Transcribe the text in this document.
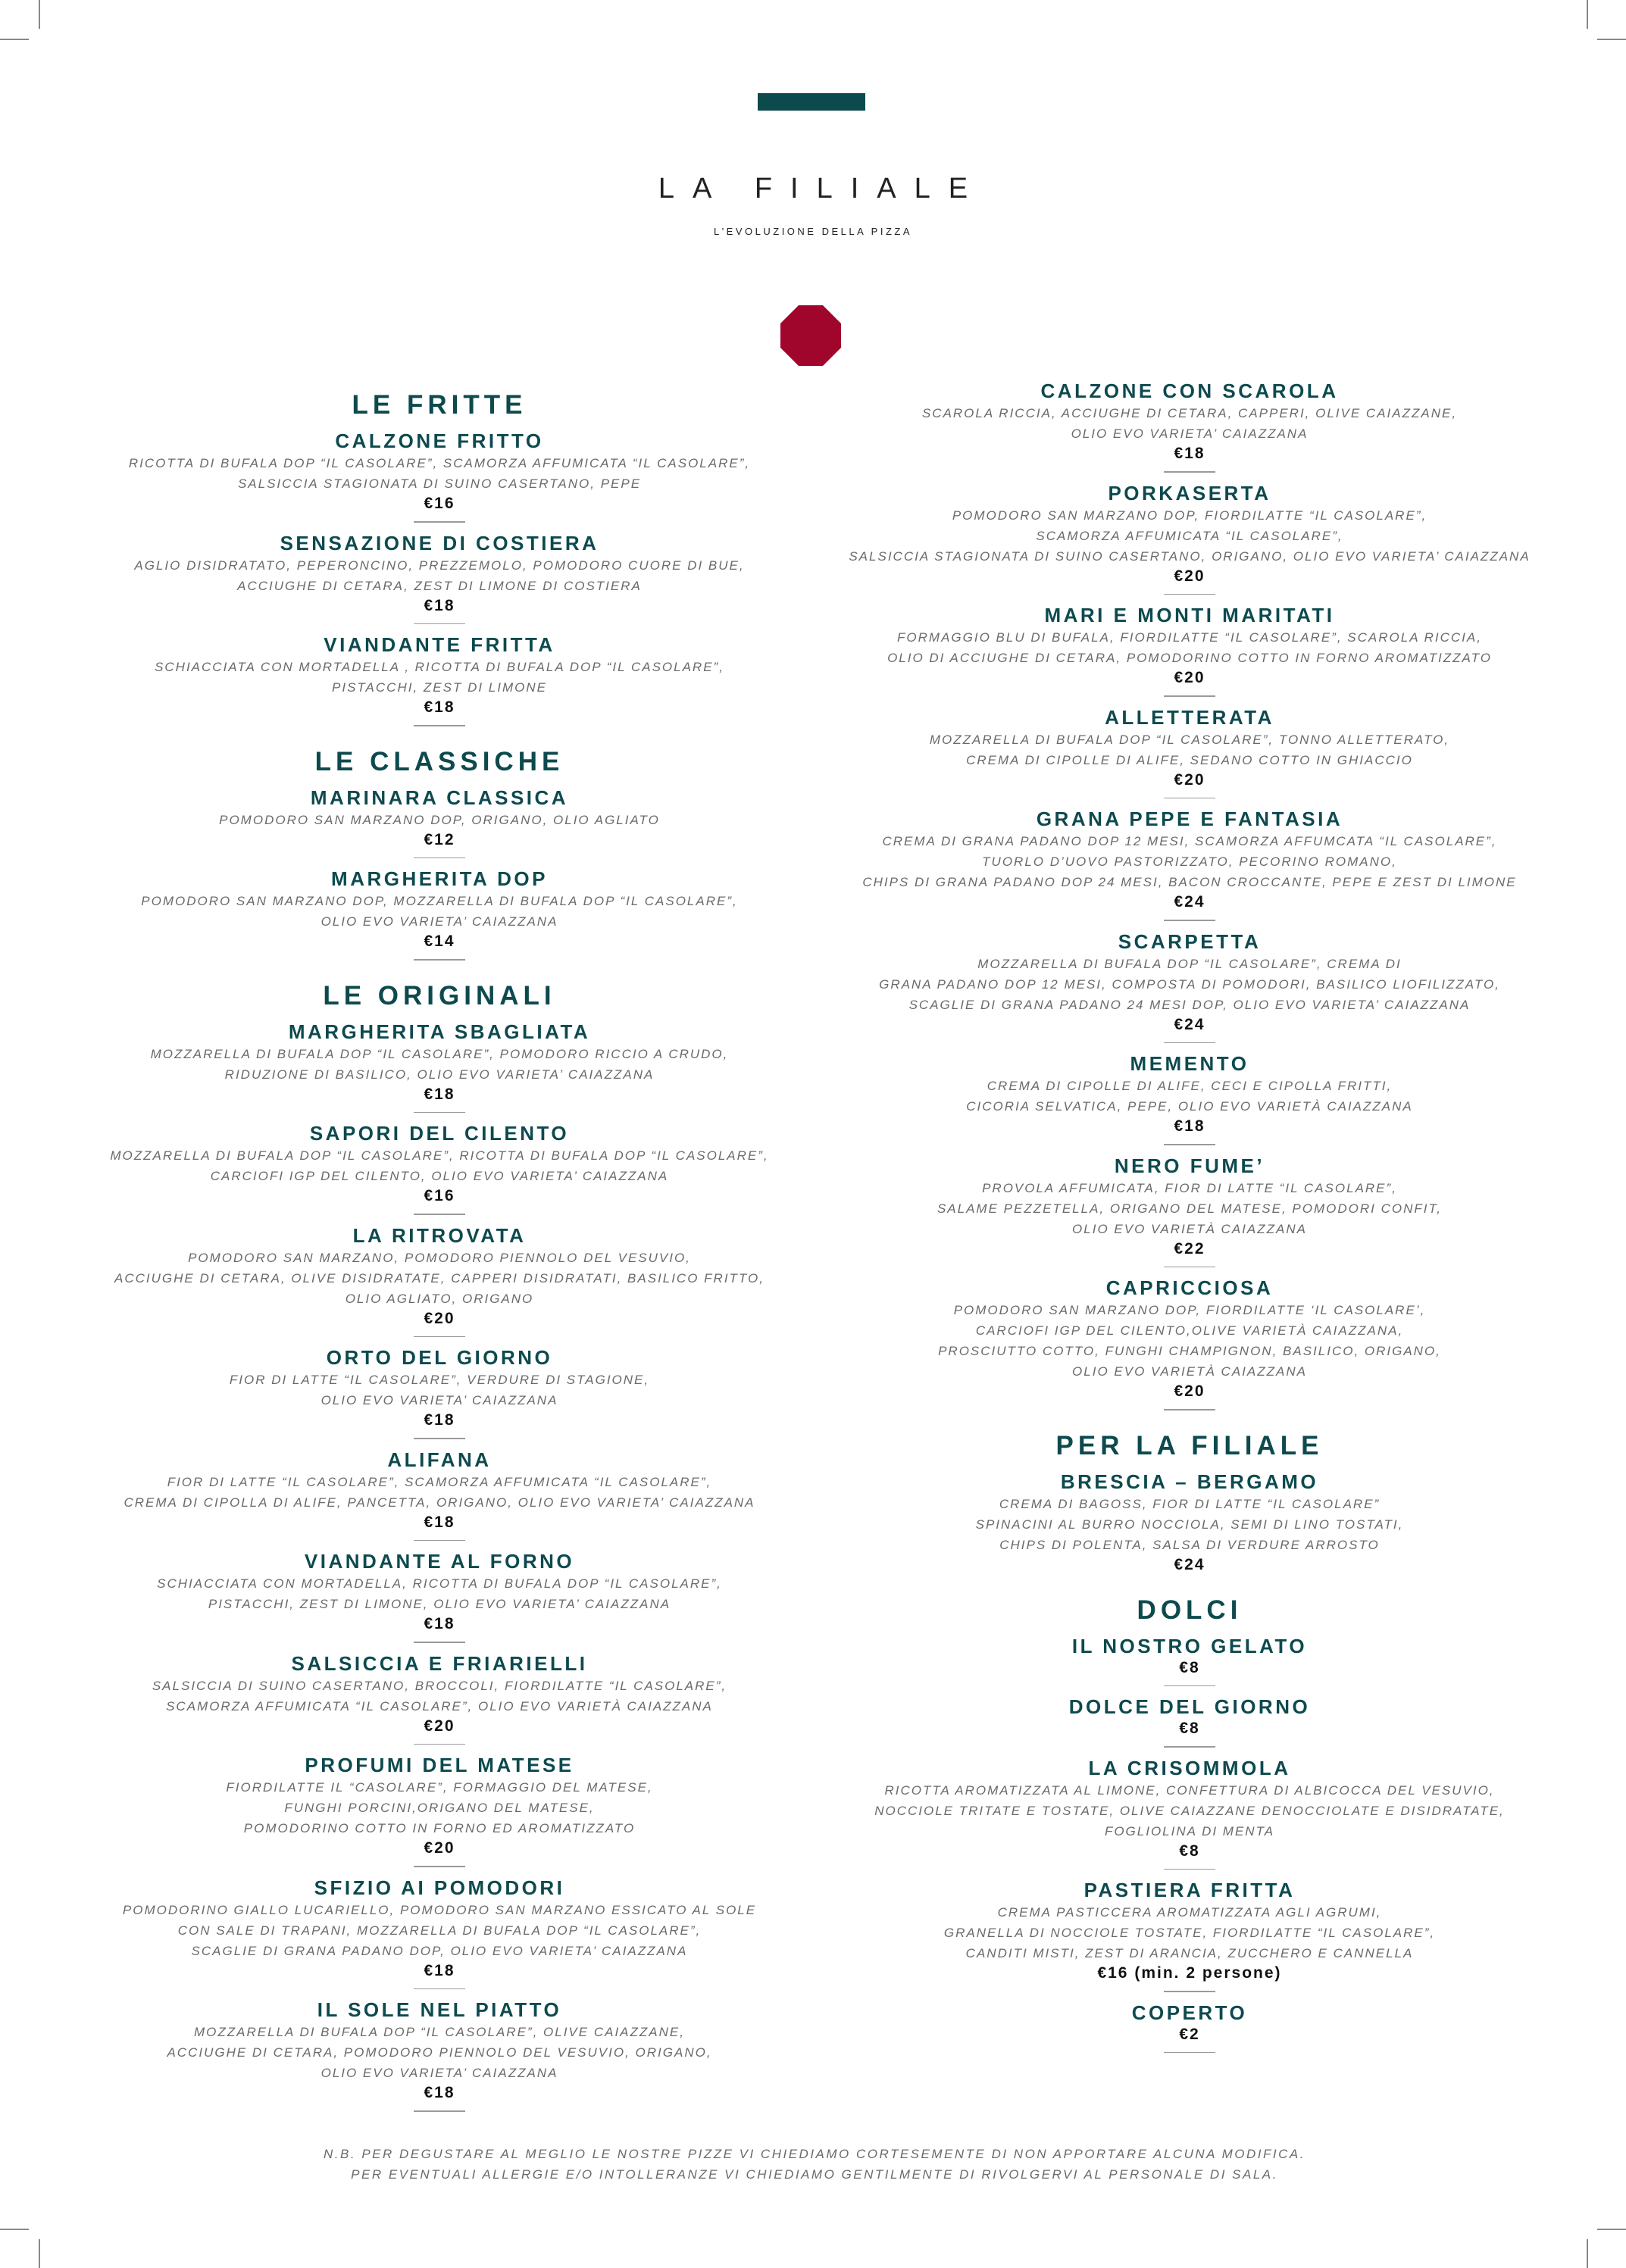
LA FILIALE
L'EVOLUZIONE DELLA PIZZA
LE FRITTE
CALZONE FRITTO
RICOTTA DI BUFALA DOP “IL CASOLARE”, SCAMORZA AFFUMICATA “IL CASOLARE”,
SALSICCIA STAGIONATA DI SUINO CASERTANO, PEPE
€16
SENSAZIONE DI COSTIERA
AGLIO DISIDRATATO, PEPERONCINO, PREZZEMOLO, POMODORO CUORE DI BUE,
ACCIUGHE DI CETARA, ZEST DI LIMONE DI COSTIERA
€18
VIANDANTE FRITTA
SCHIACCIATA CON MORTADELLA , RICOTTA DI BUFALA DOP “IL CASOLARE”,
PISTACCHI, ZEST DI LIMONE
€18
LE CLASSICHE
MARINARA CLASSICA
POMODORO SAN MARZANO DOP, ORIGANO, OLIO AGLIATO
€12
MARGHERITA DOP
POMODORO SAN MARZANO DOP, MOZZARELLA DI BUFALA DOP “IL CASOLARE”,
OLIO EVO VARIETA’ CAIAZZANA
€14
LE ORIGINALI
MARGHERITA SBAGLIATA
MOZZARELLA DI BUFALA DOP “IL CASOLARE”, POMODORO RICCIO A CRUDO,
RIDUZIONE DI BASILICO, OLIO EVO VARIETA’ CAIAZZANA
€18
SAPORI DEL CILENTO
MOZZARELLA DI BUFALA DOP “IL CASOLARE”, RICOTTA DI BUFALA DOP “IL CASOLARE”,
CARCIOFI IGP DEL CILENTO, OLIO EVO VARIETA’ CAIAZZANA
€16
LA RITROVATA
POMODORO SAN MARZANO, POMODORO PIENNOLO DEL VESUVIO,
ACCIUGHE DI CETARA, OLIVE DISIDRATATE, CAPPERI DISIDRATATI, BASILICO FRITTO,
OLIO AGLIATO, ORIGANO
€20
ORTO DEL GIORNO
FIOR DI LATTE “IL CASOLARE”, VERDURE DI STAGIONE,
OLIO EVO VARIETA’ CAIAZZANA
€18
ALIFANA
FIOR DI LATTE “IL CASOLARE”, SCAMORZA AFFUMICATA “IL CASOLARE”,
CREMA DI CIPOLLA DI ALIFE, PANCETTA, ORIGANO, OLIO EVO VARIETA’ CAIAZZANA
€18
VIANDANTE AL FORNO
SCHIACCIATA CON MORTADELLA, RICOTTA DI BUFALA DOP “IL CASOLARE”,
PISTACCHI, ZEST DI LIMONE, OLIO EVO VARIETA’ CAIAZZANA
€18
SALSICCIA E FRIARIELLI
SALSICCIA DI SUINO CASERTANO, BROCCOLI, FIORDILATTE “IL CASOLARE”,
SCAMORZA AFFUMICATA “IL CASOLARE”, OLIO EVO VARIETÀ CAIAZZANA
€20
PROFUMI DEL MATESE
FIORDILATTE IL “CASOLARE”, FORMAGGIO DEL MATESE,
FUNGHI PORCINI,ORIGANO DEL MATESE,
POMODORINO COTTO IN FORNO ED AROMATIZZATO
€20
SFIZIO AI POMODORI
POMODORINO GIALLO LUCARIELLO, POMODORO SAN MARZANO ESSICATO AL SOLE
CON SALE DI TRAPANI, MOZZARELLA DI BUFALA DOP “IL CASOLARE”,
SCAGLIE DI GRANA PADANO DOP, OLIO EVO VARIETA’ CAIAZZANA
€18
IL SOLE NEL PIATTO
MOZZARELLA DI BUFALA DOP “IL CASOLARE”, OLIVE CAIAZZANE,
ACCIUGHE DI CETARA, POMODORO PIENNOLO DEL VESUVIO, ORIGANO,
OLIO EVO VARIETA’ CAIAZZANA
€18
CALZONE CON SCAROLA
SCAROLA RICCIA, ACCIUGHE DI CETARA, CAPPERI, OLIVE CAIAZZANE,
OLIO EVO VARIETA’ CAIAZZANA
€18
PORKASERTA
POMODORO SAN MARZANO DOP, FIORDILATTE “IL CASOLARE”,
SCAMORZA AFFUMICATA “IL CASOLARE”,
SALSICCIA STAGIONATA DI SUINO CASERTANO, ORIGANO, OLIO EVO VARIETA’ CAIAZZANA
€20
MARI E MONTI MARITATI
FORMAGGIO BLU DI BUFALA, FIORDILATTE “IL CASOLARE”, SCAROLA RICCIA,
OLIO DI ACCIUGHE DI CETARA, POMODORINO COTTO IN FORNO AROMATIZZATO
€20
ALLETTERATA
MOZZARELLA DI BUFALA DOP “IL CASOLARE”, TONNO ALLETTERATO,
CREMA DI CIPOLLE DI ALIFE, SEDANO COTTO IN GHIACCIO
€20
GRANA PEPE E FANTASIA
CREMA DI GRANA PADANO DOP 12 MESI, SCAMORZA AFFUMCATA “IL CASOLARE”,
TUORLO D’UOVO PASTORIZZATO, PECORINO ROMANO,
CHIPS DI GRANA PADANO DOP 24 MESI, BACON CROCCANTE, PEPE E ZEST DI LIMONE
€24
SCARPETTA
MOZZARELLA DI BUFALA DOP “IL CASOLARE”, CREMA DI
GRANA PADANO DOP 12 MESI, COMPOSTA DI POMODORI, BASILICO LIOFILIZZATO,
SCAGLIE DI GRANA PADANO 24 MESI DOP, OLIO EVO VARIETA’ CAIAZZANA
€24
MEMENTO
CREMA DI CIPOLLE DI ALIFE, CECI E CIPOLLA FRITTI,
CICORIA SELVATICA, PEPE, OLIO EVO VARIETÀ CAIAZZANA
€18
NERO FUME’
PROVOLA AFFUMICATA, FIOR DI LATTE “IL CASOLARE”,
SALAME PEZZETELLA, ORIGANO DEL MATESE, POMODORI CONFIT,
OLIO EVO VARIETÀ CAIAZZANA
€22
CAPRICCIOSA
POMODORO SAN MARZANO DOP, FIORDILATTE ‘IL CASOLARE’,
CARCIOFI IGP DEL CILENTO,OLIVE VARIETÀ CAIAZZANA,
PROSCIUTTO COTTO, FUNGHI CHAMPIGNON, BASILICO, ORIGANO,
OLIO EVO VARIETÀ CAIAZZANA
€20
PER LA FILIALE
BRESCIA – BERGAMO
CREMA DI BAGOSS, FIOR DI LATTE “IL CASOLARE”
SPINACINI AL BURRO NOCCIOLA, SEMI DI LINO TOSTATI,
CHIPS DI POLENTA, SALSA DI VERDURE ARROSTO
€24
DOLCI
IL NOSTRO GELATO
€8
DOLCE DEL GIORNO
€8
LA CRISOMMOLA
RICOTTA AROMATIZZATA AL LIMONE, CONFETTURA DI ALBICOCCA DEL VESUVIO,
NOCCIOLE TRITATE E TOSTATE, OLIVE CAIAZZANE DENOCCIOLATE E DISIDRATATE,
FOGLIOLINA DI MENTA
€8
PASTIERA FRITTA
CREMA PASTICCERA AROMATIZZATA AGLI AGRUMI,
GRANELLA DI NOCCIOLE TOSTATE, FIORDILATTE “IL CASOLARE”,
CANDITI MISTI, ZEST DI ARANCIA, ZUCCHERO E CANNELLA
€16 (min. 2 persone)
COPERTO
€2
N.B. PER DEGUSTARE AL MEGLIO LE NOSTRE PIZZE VI CHIEDIAMO CORTESEMENTE DI NON APPORTARE ALCUNA MODIFICA.
PER EVENTUALI ALLERGIE E/O INTOLLERANZE VI CHIEDIAMO GENTILMENTE DI RIVOLGERVI AL PERSONALE DI SALA.
